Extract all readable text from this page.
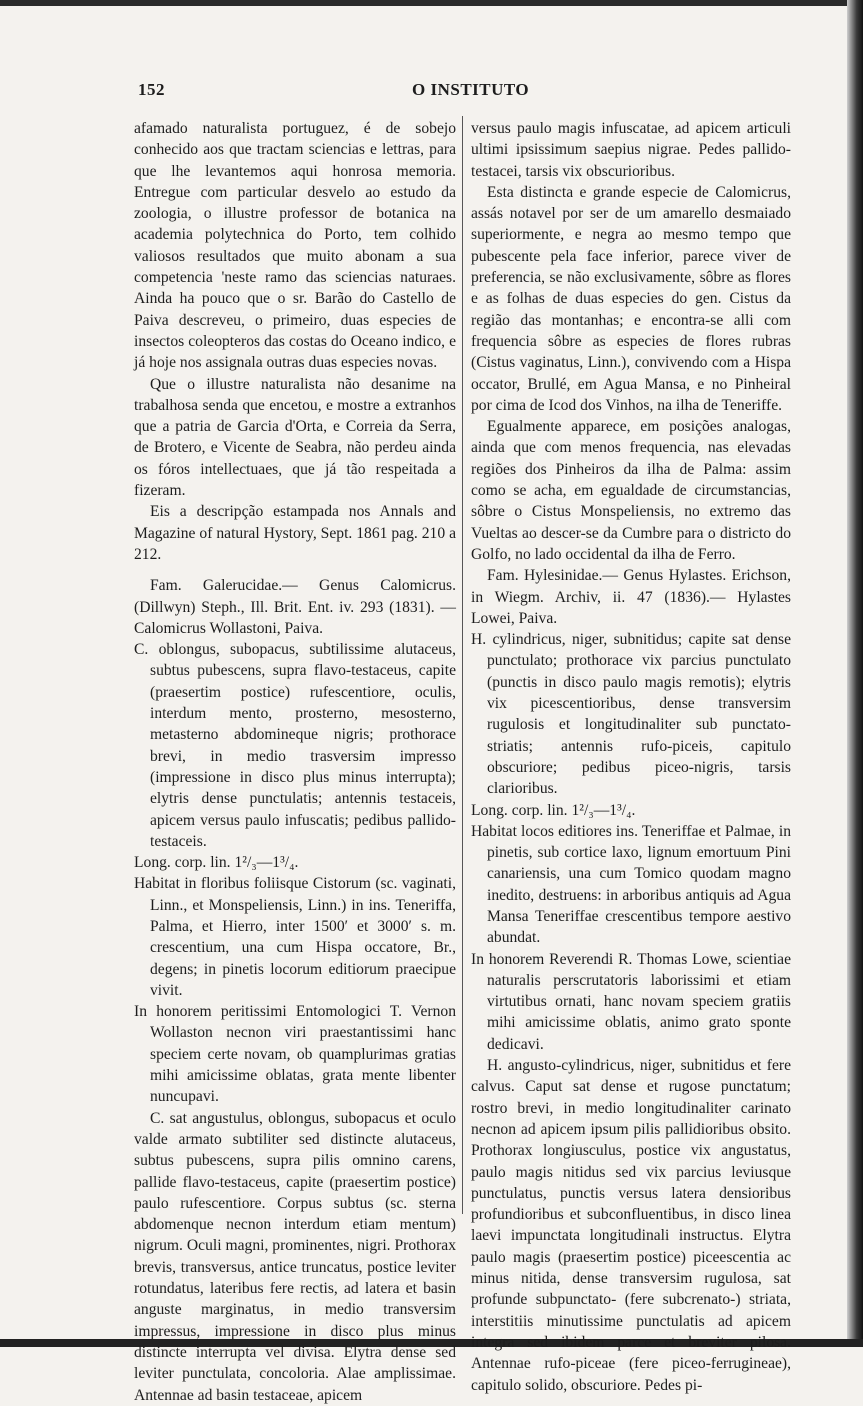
152	O INSTITUTO

afamado naturalista portuguez, é de sobejo conhecido aos que tractam sciencias e lettras, para que lhe levantemos aqui honrosa memoria. Entregue com particular desvelo ao estudo da zoologia, o illustre professor de botanica na academia polytechnica do Porto, tem colhido valiosos resultados que muito abonam a sua competencia 'neste ramo das sciencias naturaes. Ainda ha pouco que o sr. Barão do Castello de Paiva descreveu, o primeiro, duas especies de insectos coleopteros das costas do Oceano indico, e já hoje nos assignala outras duas especies novas.

Que o illustre naturalista não desanime na trabalhosa senda que encetou, e mostre a extranhos que a patria de Garcia d'Orta, e Correia da Serra, de Brotero, e Vicente de Seabra, não perdeu ainda os fóros intellectuaes, que já tão respeitada a fizeram.

Eis a descripção estampada nos Annals and Magazine of natural Hystory, Sept. 1861 pag. 210 a 212.

Fam. Galerucidae.— Genus Calomicrus. (Dillwyn) Steph., Ill. Brit. Ent. iv. 293 (1831). — Calomicrus Wollastoni, Paiva.

C. oblongus, subopacus, subtilissime alutaceus, subtus pubescens, supra flavo-testaceus, capite (praesertim postice) rufescentiore, oculis, interdum mento, prosterno, mesosterno, metasterno abdomineque nigris; prothorace brevi, in medio trasversim impresso (impressione in disco plus minus interrupta); elytris dense punctulatis; antennis testaceis, apicem versus paulo infuscatis; pedibus pallido-testaceis.

Long. corp. lin. 1²/₃—1³/₄.

Habitat in floribus foliisque Cistorum (sc. vaginati, Linn., et Monspeliensis, Linn.) in ins. Teneriffa, Palma, et Hierro, inter 1500′ et 3000′ s. m. crescentium, una cum Hispa occatore, Br., degens; in pinetis locorum editiorum praecipue vivit.

In honorem peritissimi Entomologici T. Vernon Wollaston necnon viri praestantissimi hanc speciem certe novam, ob quamplurimas gratias mihi amicissime oblatas, grata mente libenter nuncupavi.

C. sat angustulus, oblongus, subopacus et oculo valde armato subtiliter sed distincte alutaceus, subtus pubescens, supra pilis omnino carens, pallide flavo-testaceus, capite (praesertim postice) paulo rufescentiore. Corpus subtus (sc. sterna abdomenque necnon interdum etiam mentum) nigrum. Oculi magni, prominentes, nigri. Prothorax brevis, transversus, antice truncatus, postice leviter rotundatus, lateribus fere rectis, ad latera et basin anguste marginatus, in medio transversim impressus, impressione in disco plus minus distincte interrupta vel divisa. Elytra dense sed leviter punctulata, concoloria. Alae amplissimae. Antennae ad basin testaceae, apicem

versus paulo magis infuscatae, ad apicem articuli ultimi ipsissimum saepius nigrae. Pedes pallido-testacei, tarsis vix obscurioribus.

Esta distincta e grande especie de Calomicrus, assás notavel por ser de um amarello desmaiado superiormente, e negra ao mesmo tempo que pubescente pela face inferior, parece viver de preferencia, se não exclusivamente, sôbre as flores e as folhas de duas especies do gen. Cistus da região das montanhas; e encontra-se alli com frequencia sôbre as especies de flores rubras (Cistus vaginatus, Linn.), convivendo com a Hispa occator, Brullé, em Agua Mansa, e no Pinheiral por cima de Icod dos Vinhos, na ilha de Teneriffe.

Egualmente apparece, em posições analogas, ainda que com menos frequencia, nas elevadas regiões dos Pinheiros da ilha de Palma: assim como se acha, em egualdade de circumstancias, sôbre o Cistus Monspeliensis, no extremo das Vueltas ao descer-se da Cumbre para o districto do Golfo, no lado occidental da ilha de Ferro.

Fam. Hylesinidae.— Genus Hylastes. Erichson, in Wiegm. Archiv, ii. 47 (1836).— Hylastes Lowei, Paiva.

H. cylindricus, niger, subnitidus; capite sat dense punctulato; prothorace vix parcius punctulato (punctis in disco paulo magis remotis); elytris vix picescentioribus, dense transversim rugulosis et longitudinaliter sub punctato-striatis; antennis rufo-piceis, capitulo obscuriore; pedibus piceo-nigris, tarsis clarioribus.

Long. corp. lin. 1²/₃—1³/₄.

Habitat locos editiores ins. Teneriffae et Palmae, in pinetis, sub cortice laxo, lignum emortuum Pini canariensis, una cum Tomico quodam magno inedito, destruens: in arboribus antiquis ad Agua Mansa Teneriffae crescentibus tempore aestivo abundat.

In honorem Reverendi R. Thomas Lowe, scientiae naturalis perscrutatoris laborissimi et etiam virtutibus ornati, hanc novam speciem gratiis mihi amicissime oblatis, animo grato sponte dedicavi.

H. angusto-cylindricus, niger, subnitidus et fere calvus. Caput sat dense et rugose punctatum; rostro brevi, in medio longitudinaliter carinato necnon ad apicem ipsum pilis pallidioribus obsito. Prothorax longiusculus, postice vix angustatus, paulo magis nitidus sed vix parcius leviusque punctulatus, punctis versus latera densioribus profundioribus et subconfluentibus, in disco linea laevi impunctata longitudinali instructus. Elytra paulo magis (praesertim postice) piceescentia ac minus nitida, dense transversim rugulosa, sat profunde subpunctato- (fere subcrenato-) striata, interstitiis minutissime punctulatis ad apicem integra sed ibidem parce et breviter pilosa. Antennae rufo-piceae (fere piceo-ferrugineae), capitulo solido, obscuriore. Pedes pi-
